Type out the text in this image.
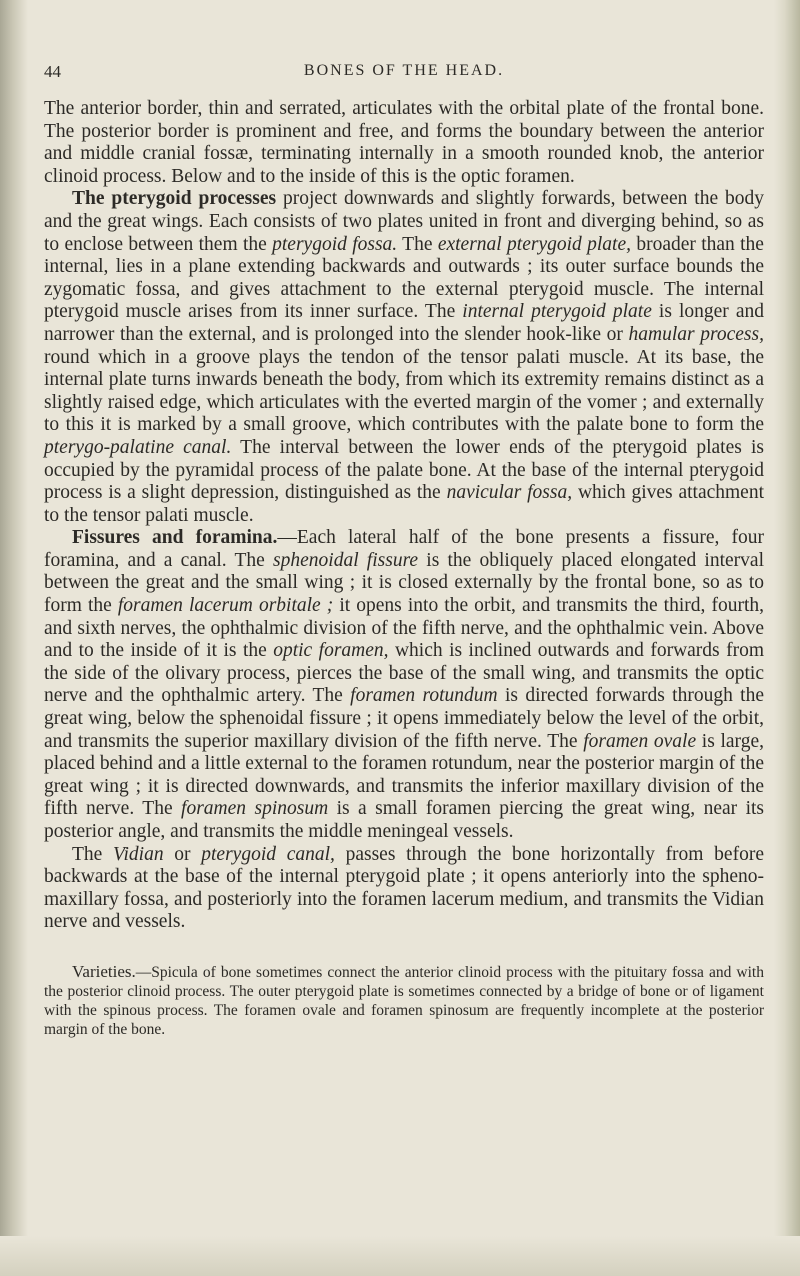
44	BONES OF THE HEAD.

The anterior border, thin and serrated, articulates with the orbital plate of the frontal bone. The posterior border is prominent and free, and forms the boundary between the anterior and middle cranial fossæ, terminating internally in a smooth rounded knob, the anterior clinoid process. Below and to the inside of this is the optic foramen.

The pterygoid processes project downwards and slightly forwards, between the body and the great wings. Each consists of two plates united in front and diverging behind, so as to enclose between them the pterygoid fossa. The external pterygoid plate, broader than the internal, lies in a plane extending backwards and outwards ; its outer surface bounds the zygomatic fossa, and gives attachment to the external pterygoid muscle. The internal pterygoid muscle arises from its inner surface. The internal pterygoid plate is longer and narrower than the external, and is prolonged into the slender hook-like or hamular process, round which in a groove plays the tendon of the tensor palati muscle. At its base, the internal plate turns inwards beneath the body, from which its extremity remains distinct as a slightly raised edge, which articulates with the everted margin of the vomer ; and externally to this it is marked by a small groove, which contributes with the palate bone to form the pterygo-palatine canal. The interval between the lower ends of the pterygoid plates is occupied by the pyramidal process of the palate bone. At the base of the internal pterygoid process is a slight depression, distinguished as the navicular fossa, which gives attachment to the tensor palati muscle.

Fissures and foramina.—Each lateral half of the bone presents a fissure, four foramina, and a canal. The sphenoidal fissure is the obliquely placed elongated interval between the great and the small wing ; it is closed externally by the frontal bone, so as to form the foramen lacerum orbitale ; it opens into the orbit, and transmits the third, fourth, and sixth nerves, the ophthalmic division of the fifth nerve, and the ophthalmic vein. Above and to the inside of it is the optic foramen, which is inclined outwards and forwards from the side of the olivary process, pierces the base of the small wing, and transmits the optic nerve and the ophthalmic artery. The foramen rotundum is directed forwards through the great wing, below the sphenoidal fissure ; it opens immediately below the level of the orbit, and transmits the superior maxillary division of the fifth nerve. The foramen ovale is large, placed behind and a little external to the foramen rotundum, near the posterior margin of the great wing ; it is directed downwards, and transmits the inferior maxillary division of the fifth nerve. The foramen spinosum is a small foramen piercing the great wing, near its posterior angle, and transmits the middle meningeal vessels.

The Vidian or pterygoid canal, passes through the bone horizontally from before backwards at the base of the internal pterygoid plate ; it opens anteriorly into the spheno-maxillary fossa, and posteriorly into the foramen lacerum medium, and transmits the Vidian nerve and vessels.

Varieties.—Spicula of bone sometimes connect the anterior clinoid process with the pituitary fossa and with the posterior clinoid process. The outer pterygoid plate is sometimes connected by a bridge of bone or of ligament with the spinous process. The foramen ovale and foramen spinosum are frequently incomplete at the posterior margin of the bone.
